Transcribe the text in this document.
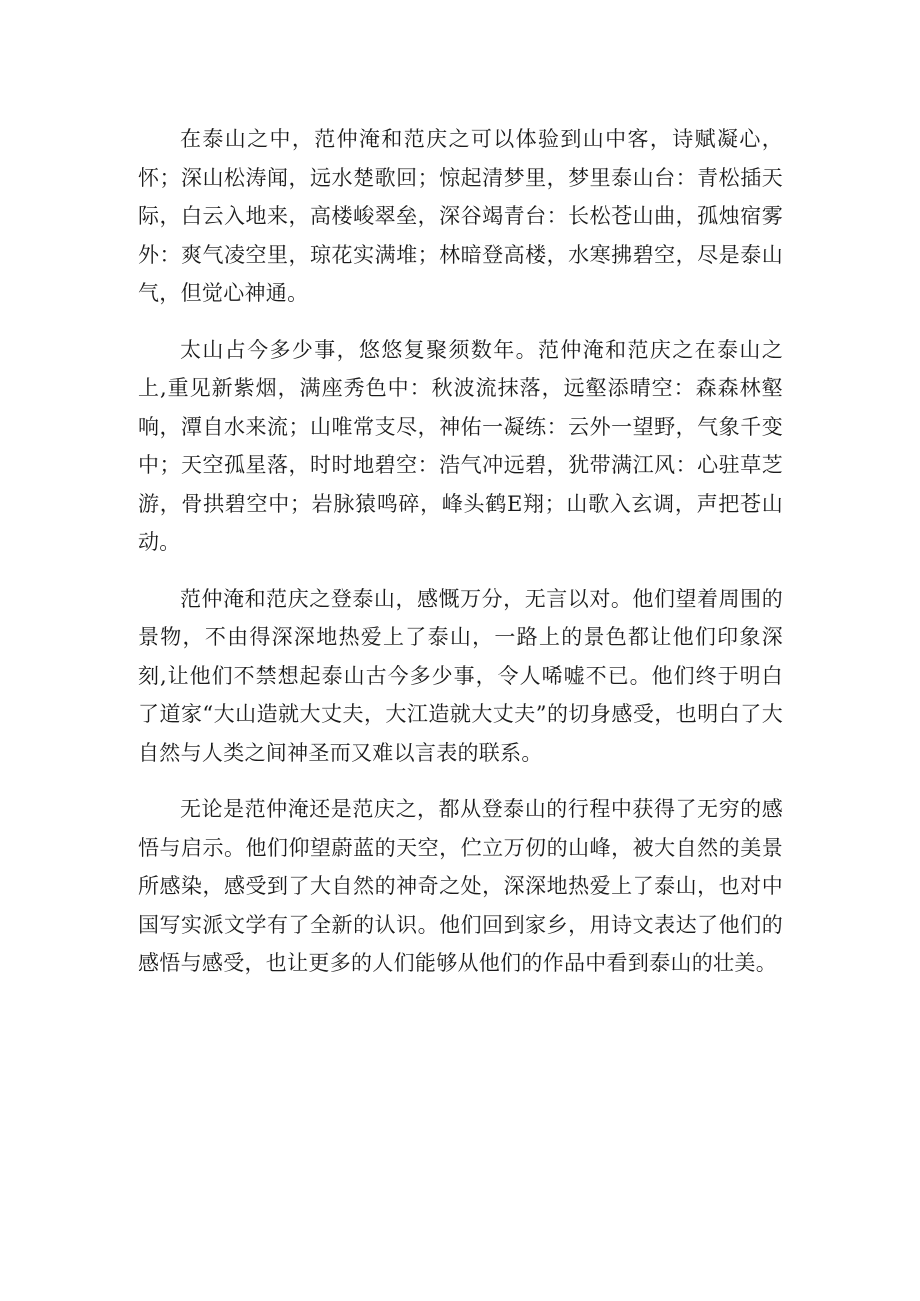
在泰山之中，范仲淹和范庆之可以体验到山中客，诗赋凝心，怀；深山松涛闻，远水楚歌回；惊起清梦里，梦里泰山台：青松插天际，白云入地来，高楼峻翠垒，深谷竭青台：长松苍山曲，孤烛宿雾外：爽气凌空里，琼花实满堆；林暗登高楼，水寒拂碧空，尽是泰山气，但觉心神通。

太山占今多少事，悠悠复聚须数年。范仲淹和范庆之在泰山之上,重见新紫烟，满座秀色中：秋波流抹落，远壑添晴空：森森林壑响，潭自水来流；山唯常支尽，神佑一凝练：云外一望野，气象千变中；天空孤星落，时时地碧空：浩气冲远碧，犹带满江风：心驻草芝游，骨拱碧空中；岩脉猿鸣碎，峰头鹤E翔；山歌入玄调，声把苍山动。

范仲淹和范庆之登泰山，感慨万分，无言以对。他们望着周围的景物，不由得深深地热爱上了泰山，一路上的景色都让他们印象深刻,让他们不禁想起泰山古今多少事，令人唏嘘不已。他们终于明白了道家“大山造就大丈夫，大江造就大丈夫”的切身感受，也明白了大自然与人类之间神圣而又难以言表的联系。

无论是范仲淹还是范庆之，都从登泰山的行程中获得了无穷的感悟与启示。他们仰望蔚蓝的天空，伫立万仞的山峰，被大自然的美景所感染，感受到了大自然的神奇之处，深深地热爱上了泰山，也对中国写实派文学有了全新的认识。他们回到家乡，用诗文表达了他们的感悟与感受，也让更多的人们能够从他们的作品中看到泰山的壮美。
